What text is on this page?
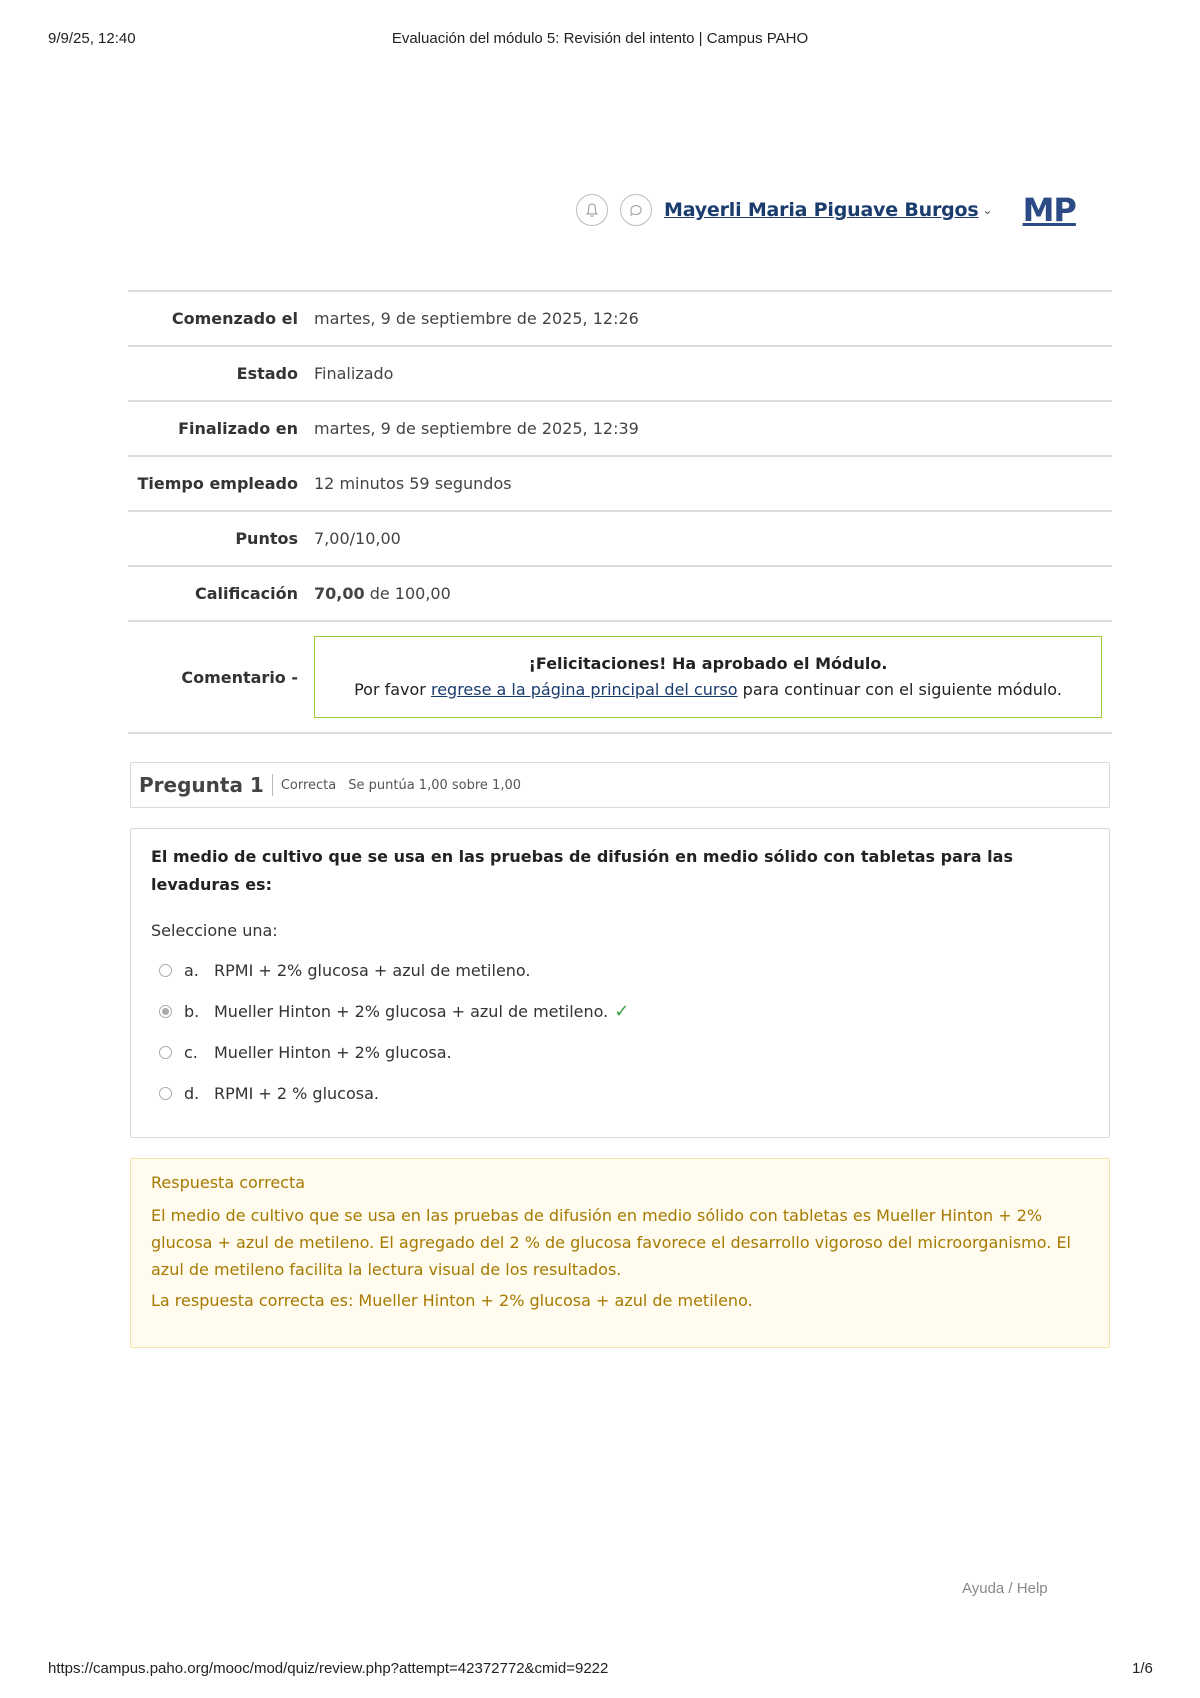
9/9/25, 12:40	Evaluación del módulo 5: Revisión del intento | Campus PAHO
Mayerli Maria Piguave Burgos ⌄ MP
Comenzado el	martes, 9 de septiembre de 2025, 12:26
Estado	Finalizado
Finalizado en	martes, 9 de septiembre de 2025, 12:39
Tiempo empleado	12 minutos 59 segundos
Puntos	7,00/10,00
Calificación	70,00 de 100,00
Comentario -	¡Felicitaciones! Ha aprobado el Módulo.
Por favor regrese a la página principal del curso para continuar con el siguiente módulo.
Pregunta 1 Correcta Se puntúa 1,00 sobre 1,00

El medio de cultivo que se usa en las pruebas de difusión en medio sólido con tabletas para las levaduras es:

Seleccione una:
a. RPMI + 2% glucosa + azul de metileno.
b. Mueller Hinton + 2% glucosa + azul de metileno. ✓
c.	Mueller Hinton + 2% glucosa.
d. RPMI + 2 % glucosa.
Respuesta correcta

El medio de cultivo que se usa en las pruebas de difusión en medio sólido con tabletas es Mueller Hinton + 2% glucosa + azul de metileno. El agregado del 2 % de glucosa favorece el desarrollo vigoroso del microorganismo. El azul de metileno facilita la lectura visual de los resultados.

La respuesta correcta es: Mueller Hinton + 2% glucosa + azul de metileno.

Ayuda / Help
https://campus.paho.org/mooc/mod/quiz/review.php?attempt=42372772&cmid=9222	1/6
